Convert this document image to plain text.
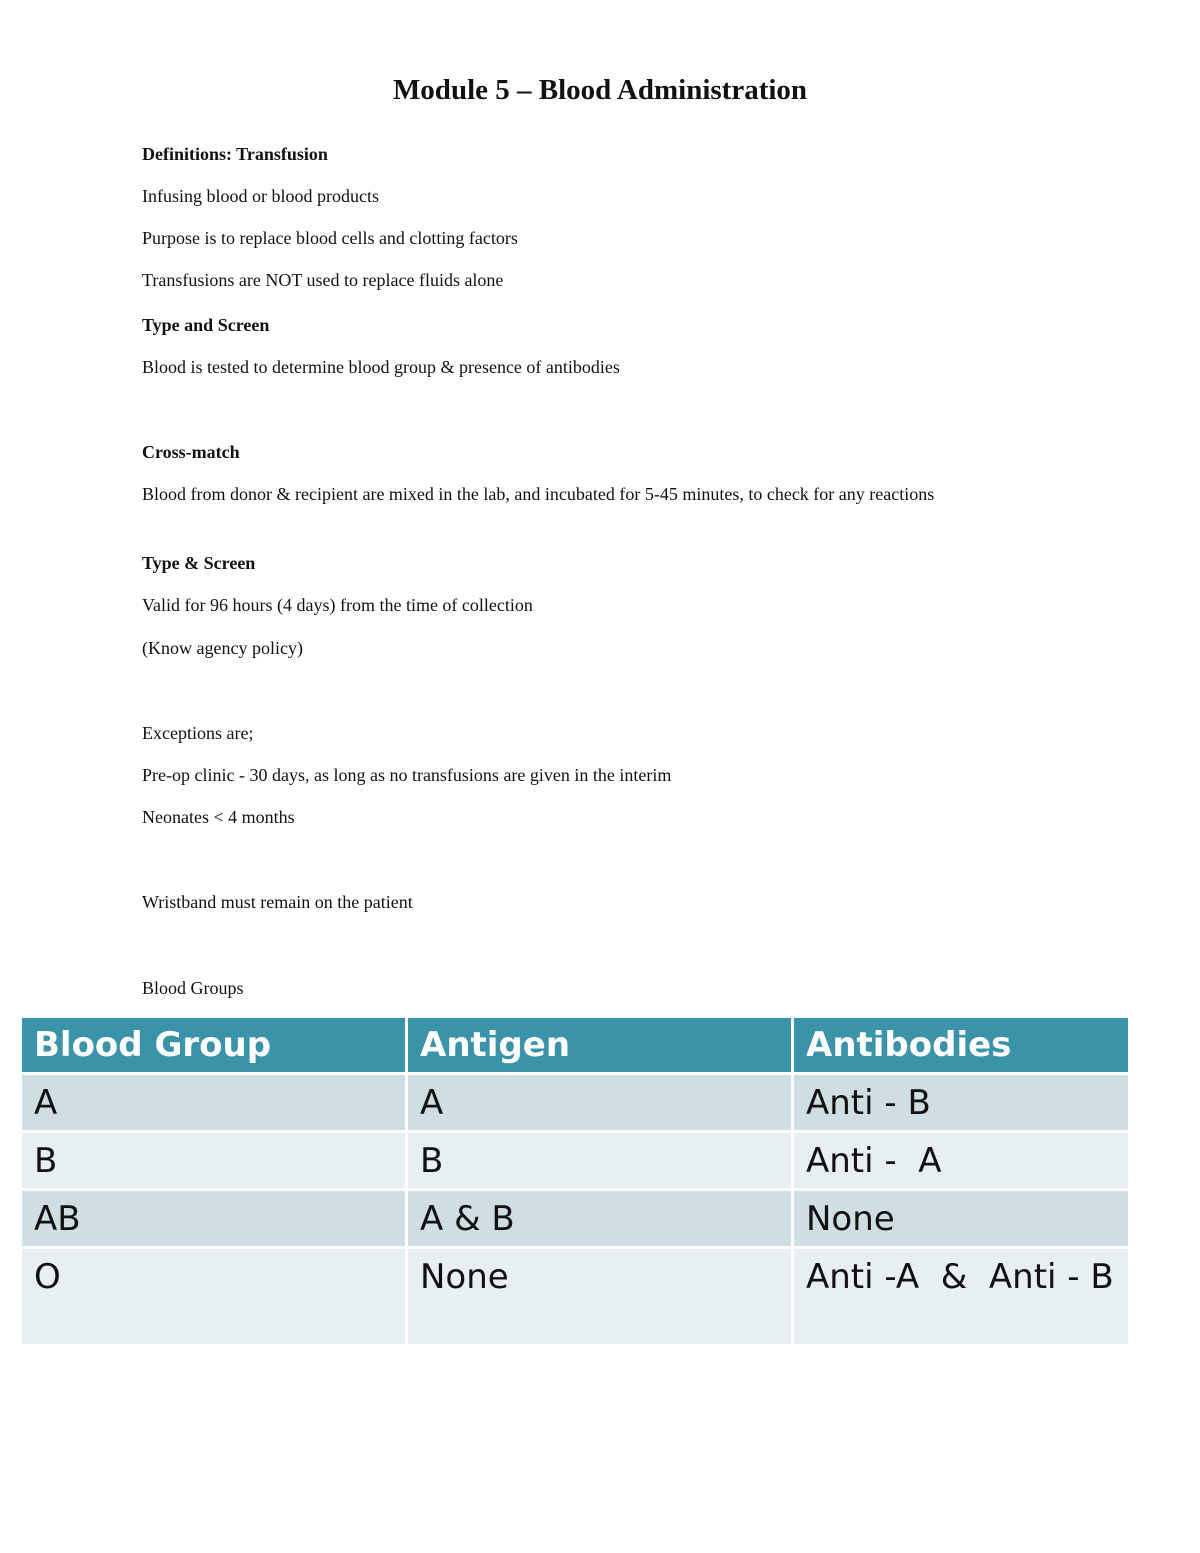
Module 5 – Blood Administration
Definitions: Transfusion
Infusing blood or blood products
Purpose is to replace blood cells and clotting factors
Transfusions are NOT used to replace fluids alone
Type and Screen
Blood is tested to determine blood group & presence of antibodies
Cross-match
Blood from donor & recipient are mixed in the lab, and incubated for 5-45 minutes, to check for any reactions
Type & Screen
Valid for 96 hours (4 days) from the time of collection
(Know agency policy)
Exceptions are;
Pre-op clinic - 30 days, as long as no transfusions are given in the interim
Neonates < 4 months
Wristband must remain on the patient
Blood Groups
Blood Group	Antigen	Antibodies
A	A	Anti - B
B	B	Anti -  A
AB	A & B	None
O	None	Anti -A  &  Anti - B
